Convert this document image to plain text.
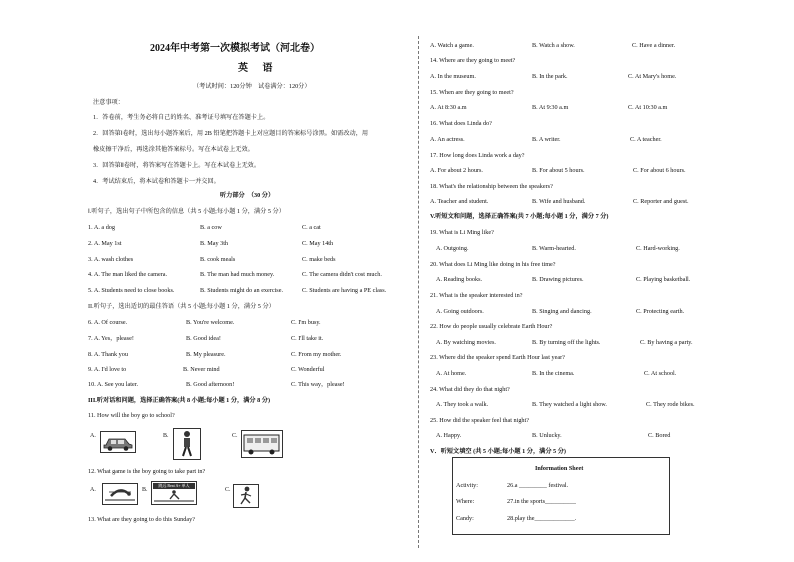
2024年中考第一次模拟考试（河北卷）
英 语
（考试时间：120分钟　试卷满分：120分）
注意事项：
1．答卷前，考生务必将自己的姓名、准考证号填写在答题卡上。
2．回答第Ⅰ卷时，选出每小题答案后，用 2B 铅笔把答题卡上对应题目的答案标号涂黑。如需改动，用
橡皮擦干净后，再选涂其他答案标号。写在本试卷上无效。
3．回答第Ⅱ卷时，将答案写在答题卡上。写在本试卷上无效。
4．考试结束后，将本试卷和答题卡一并交回。
听力部分　（30 分）
Ⅰ.听句子，选出句子中所包含的信息（共 5 小题;每小题 1 分，满分 5 分）
1. A. a dog	B. a cow	C. a cat
2. A. May 1st	B. May 3th	C. May 14th
3. A. wash clothes	B. cook meals	C. make beds
4. A. The man liked the camera.	B. The man had much money.	C. The camera didn't cost much.
5. A. Students need to close books.	B. Students might do an exercise.	C. Students are having a PE class.
II.听句子，选出适切的最佳答语（共 5 小题;每小题 1 分，满分 5 分）
6. A. Of course.	B. You're welcome.	C. I'm busy.
7. A. Yes，please!	B. Good idea!	C. I'll take it.
8. A. Thank you	B. My pleasure.	C. From my mother.
9. A. I'd love to	B. Never mind	C. Wonderful
10. A. See you later.	B. Good afternoon!	C. This way，please!
III.听对话和问题，选择正确答案(共 8 小题;每小题 1 分，满分 8 分)
11. How will the boy go to school?
A.	B.	C.
12. What game is the boy going to take part in?
A.	B.
跳远 Beat A+ 单人
C.
13. What are they going to do this Sunday?
A. Watch a game.	B. Watch a show.	C. Have a dinner.
14. Where are they going to meet?
A. In the museum.	B. In the park.	C. At Mary's home.
15. When are they going to meet?
A. At 8:30 a.m	B. At 9:30 a.m	C. At 10:30 a.m
16. What does Linda do?
A. An actress.	B. A writer.	C. A teacher.
17. How long does Linda work a day?
A. For about 2 hours.	B. For about 5 hours.	C. For about 6 hours.
18. What's the relationship between the speakers?
A. Teacher and student.	B. Wife and husband.	C. Reporter and guest.
V.听短文和问题，选择正确答案(共 7 小题;每小题 1 分，满分 7 分)
19. What is Li Ming like?
A. Outgoing.	B. Warm-hearted.	C. Hard-working.
20. What does Li Ming like doing in his free time?
A. Reading books.	B. Drawing pictures.	C. Playing basketball.
21. What is the speaker interested in?
A. Going outdoors.	B. Singing and dancing.	C. Protecting earth.
22. How do people usually celebrate Earth Hour?
A. By watching movies.	B. By turning off the lights.	C. By having a party.
23. Where did the speaker spend Earth Hour last year?
A. At home.	B. In the cinema.	C. At school.
24. What did they do that night?
A. They took a walk.	B. They watched a light show.	C. They rode bikes.
25. How did the speaker feel that night?
A. Happy.	B. Unlucky.	C. Bored
V．听短文填空 (共 5 小题;每小题 1 分，满分 5 分)
Information Sheet
Activity:	26.a _________ festival.
Where:	27.in the sports__________
Candy:	28.play the_____________.
